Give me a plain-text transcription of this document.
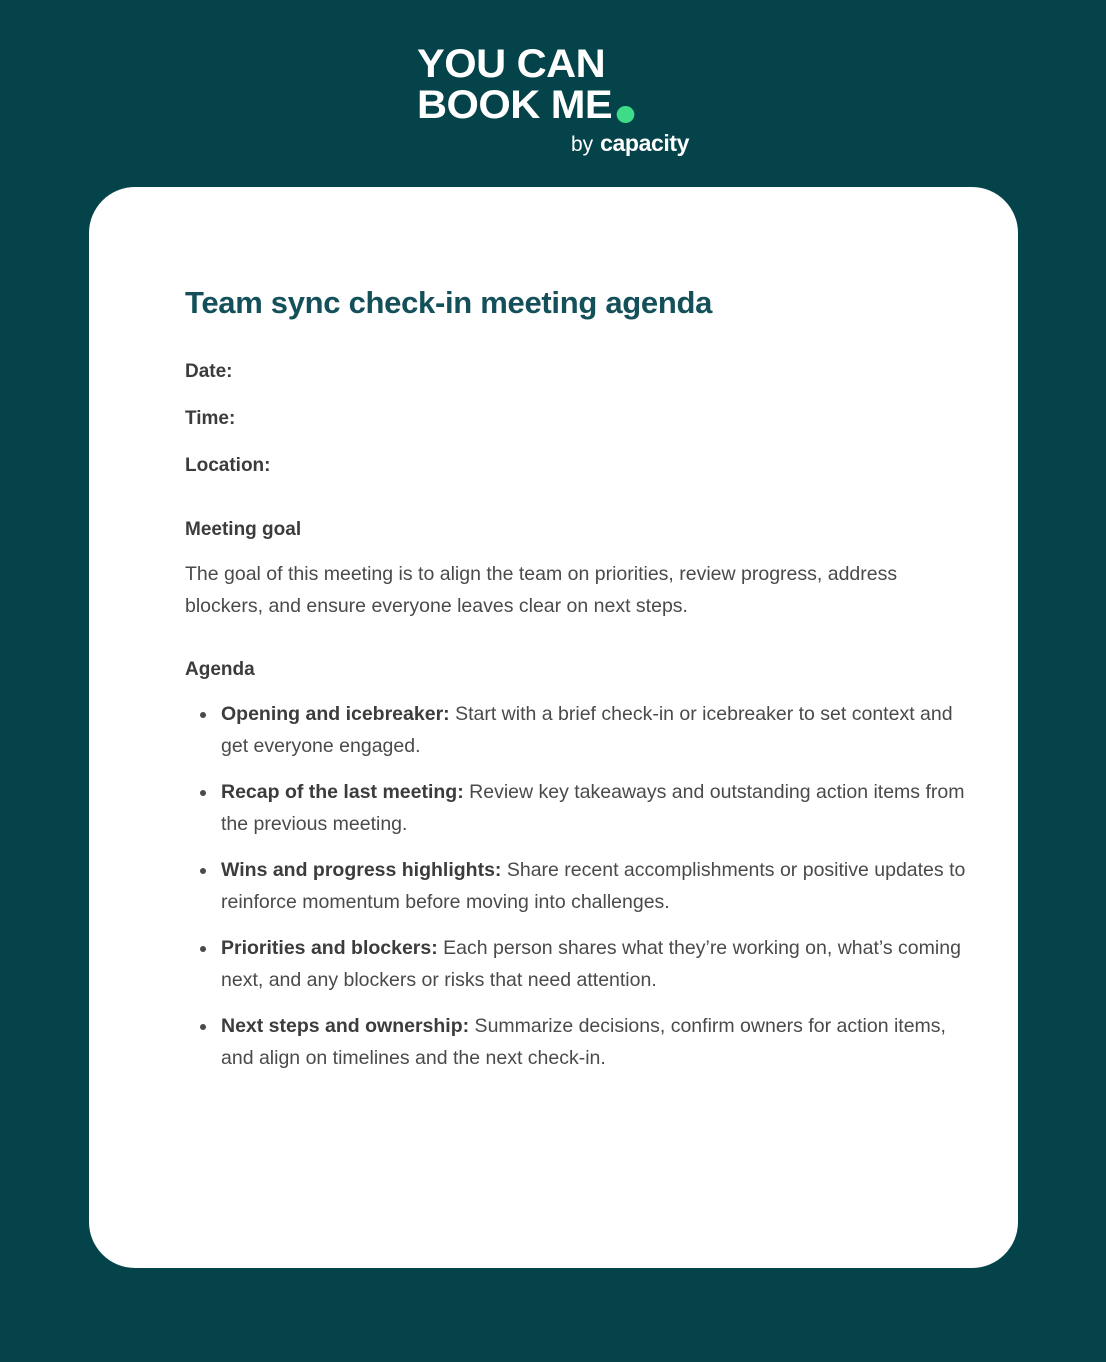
YOU CAN
BOOK ME
by capacity
Team sync check-in meeting agenda
Date:
Time:
Location:
Meeting goal

The goal of this meeting is to align the team on priorities, review progress, address blockers, and ensure everyone leaves clear on next steps.

Agenda
Opening and icebreaker: Start with a brief check-in or icebreaker to set context and get everyone engaged.
Recap of the last meeting: Review key takeaways and outstanding action items from the previous meeting.
Wins and progress highlights: Share recent accomplishments or positive updates to reinforce momentum before moving into challenges.
Priorities and blockers: Each person shares what they’re working on, what’s coming next, and any blockers or risks that need attention.
Next steps and ownership: Summarize decisions, confirm owners for action items, and align on timelines and the next check-in.
